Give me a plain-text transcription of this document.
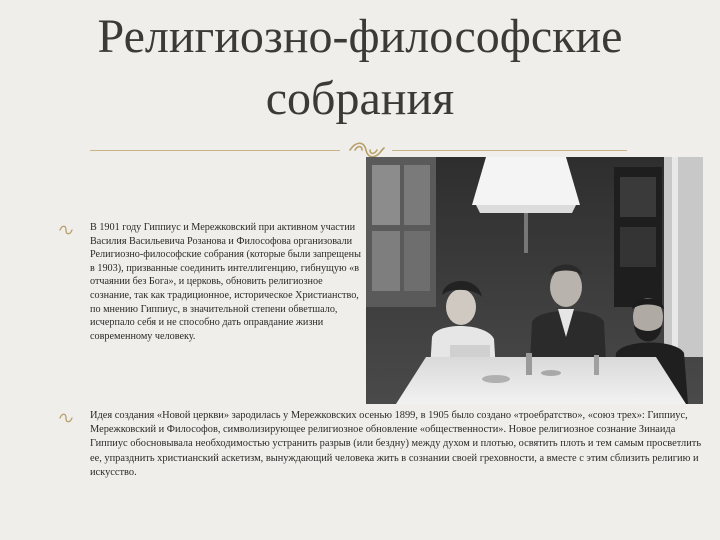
Религиозно-философские
собрания

В 1901 году Гиппиус и Мережковский при активном участии Василия Васильевича Розанова и Философова организовали Религиозно-философские собрания (которые были запрещены в 1903), призванные соединить интеллигенцию, гибнущую «в отчаянии без Бога», и церковь, обновить религиозное сознание, так как традиционное, историческое Христианство, по мнению Гиппиус, в значительной степени обветшало, исчерпало себя и не способно дать оправдание жизни современному человеку.

Идея создания «Новой церкви» зародилась у Мережковских осенью 1899, в 1905 было создано «троебратство», «союз трех»: Гиппиус, Мережковский и Философов, символизирующее религиозное обновление «общественности». Новое религиозное сознание Зинаида Гиппиус обосновывала необходимостью устранить разрыв (или бездну) между духом и плотью, освятить плоть и тем самым просветлить ее, упразднить христианский аскетизм, вынуждающий человека жить в сознании своей греховности, а вместе с этим сблизить религию и искусство.
